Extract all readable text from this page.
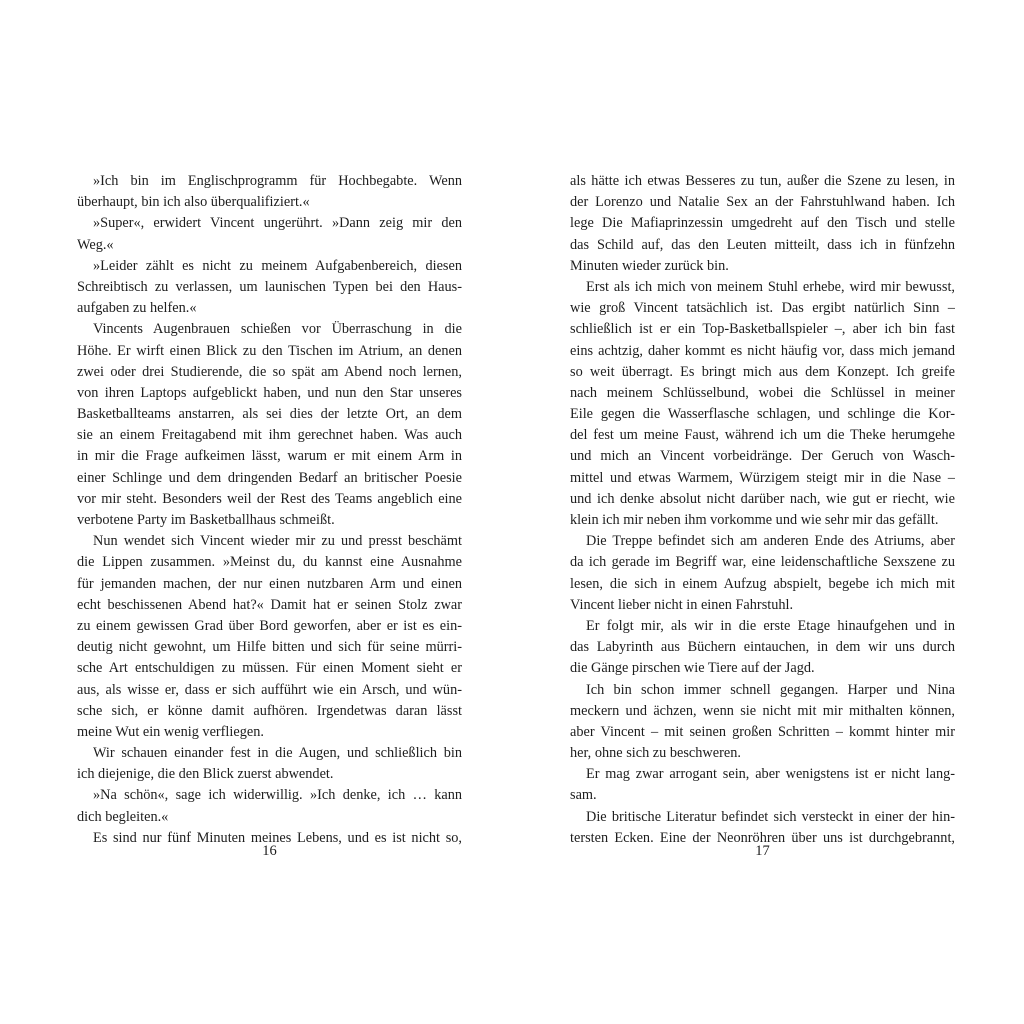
»Ich bin im Englischprogramm für Hochbegabte. Wenn
überhaupt, bin ich also überqualifiziert.«
»Super«, erwidert Vincent ungerührt. »Dann zeig mir den
Weg.«
»Leider zählt es nicht zu meinem Aufgabenbereich, diesen
Schreibtisch zu verlassen, um launischen Typen bei den Haus-
aufgaben zu helfen.«
Vincents Augenbrauen schießen vor Überraschung in die
Höhe. Er wirft einen Blick zu den Tischen im Atrium, an denen
zwei oder drei Studierende, die so spät am Abend noch lernen,
von ihren Laptops aufgeblickt haben, und nun den Star unseres
Basketballteams anstarren, als sei dies der letzte Ort, an dem
sie an einem Freitagabend mit ihm gerechnet haben. Was auch
in mir die Frage aufkeimen lässt, warum er mit einem Arm in
einer Schlinge und dem dringenden Bedarf an britischer Poesie
vor mir steht. Besonders weil der Rest des Teams angeblich eine
verbotene Party im Basketballhaus schmeißt.
Nun wendet sich Vincent wieder mir zu und presst beschämt
die Lippen zusammen. »Meinst du, du kannst eine Ausnahme
für jemanden machen, der nur einen nutzbaren Arm und einen
echt beschissenen Abend hat?« Damit hat er seinen Stolz zwar
zu einem gewissen Grad über Bord geworfen, aber er ist es ein-
deutig nicht gewohnt, um Hilfe bitten und sich für seine mürri-
sche Art entschuldigen zu müssen. Für einen Moment sieht er
aus, als wisse er, dass er sich aufführt wie ein Arsch, und wün-
sche sich, er könne damit aufhören. Irgendetwas daran lässt
meine Wut ein wenig verfliegen.
Wir schauen einander fest in die Augen, und schließlich bin
ich diejenige, die den Blick zuerst abwendet.
»Na schön«, sage ich widerwillig. »Ich denke, ich … kann
dich begleiten.«
Es sind nur fünf Minuten meines Lebens, und es ist nicht so,
16
als hätte ich etwas Besseres zu tun, außer die Szene zu lesen, in
der Lorenzo und Natalie Sex an der Fahrstuhlwand haben. Ich
lege Die Mafiaprinzessin umgedreht auf den Tisch und stelle
das Schild auf, das den Leuten mitteilt, dass ich in fünfzehn
Minuten wieder zurück bin.
Erst als ich mich von meinem Stuhl erhebe, wird mir bewusst,
wie groß Vincent tatsächlich ist. Das ergibt natürlich Sinn –
schließlich ist er ein Top-Basketballspieler –, aber ich bin fast
eins achtzig, daher kommt es nicht häufig vor, dass mich jemand
so weit überragt. Es bringt mich aus dem Konzept. Ich greife
nach meinem Schlüsselbund, wobei die Schlüssel in meiner
Eile gegen die Wasserflasche schlagen, und schlinge die Kor-
del fest um meine Faust, während ich um die Theke herumgehe
und mich an Vincent vorbeidränge. Der Geruch von Wasch-
mittel und etwas Warmem, Würzigem steigt mir in die Nase –
und ich denke absolut nicht darüber nach, wie gut er riecht, wie
klein ich mir neben ihm vorkomme und wie sehr mir das gefällt.
Die Treppe befindet sich am anderen Ende des Atriums, aber
da ich gerade im Begriff war, eine leidenschaftliche Sexszene zu
lesen, die sich in einem Aufzug abspielt, begebe ich mich mit
Vincent lieber nicht in einen Fahrstuhl.
Er folgt mir, als wir in die erste Etage hinaufgehen und in
das Labyrinth aus Büchern eintauchen, in dem wir uns durch
die Gänge pirschen wie Tiere auf der Jagd.
Ich bin schon immer schnell gegangen. Harper und Nina
meckern und ächzen, wenn sie nicht mit mir mithalten können,
aber Vincent – mit seinen großen Schritten – kommt hinter mir
her, ohne sich zu beschweren.
Er mag zwar arrogant sein, aber wenigstens ist er nicht lang-
sam.
Die britische Literatur befindet sich versteckt in einer der hin-
tersten Ecken. Eine der Neonröhren über uns ist durchgebrannt,
17
